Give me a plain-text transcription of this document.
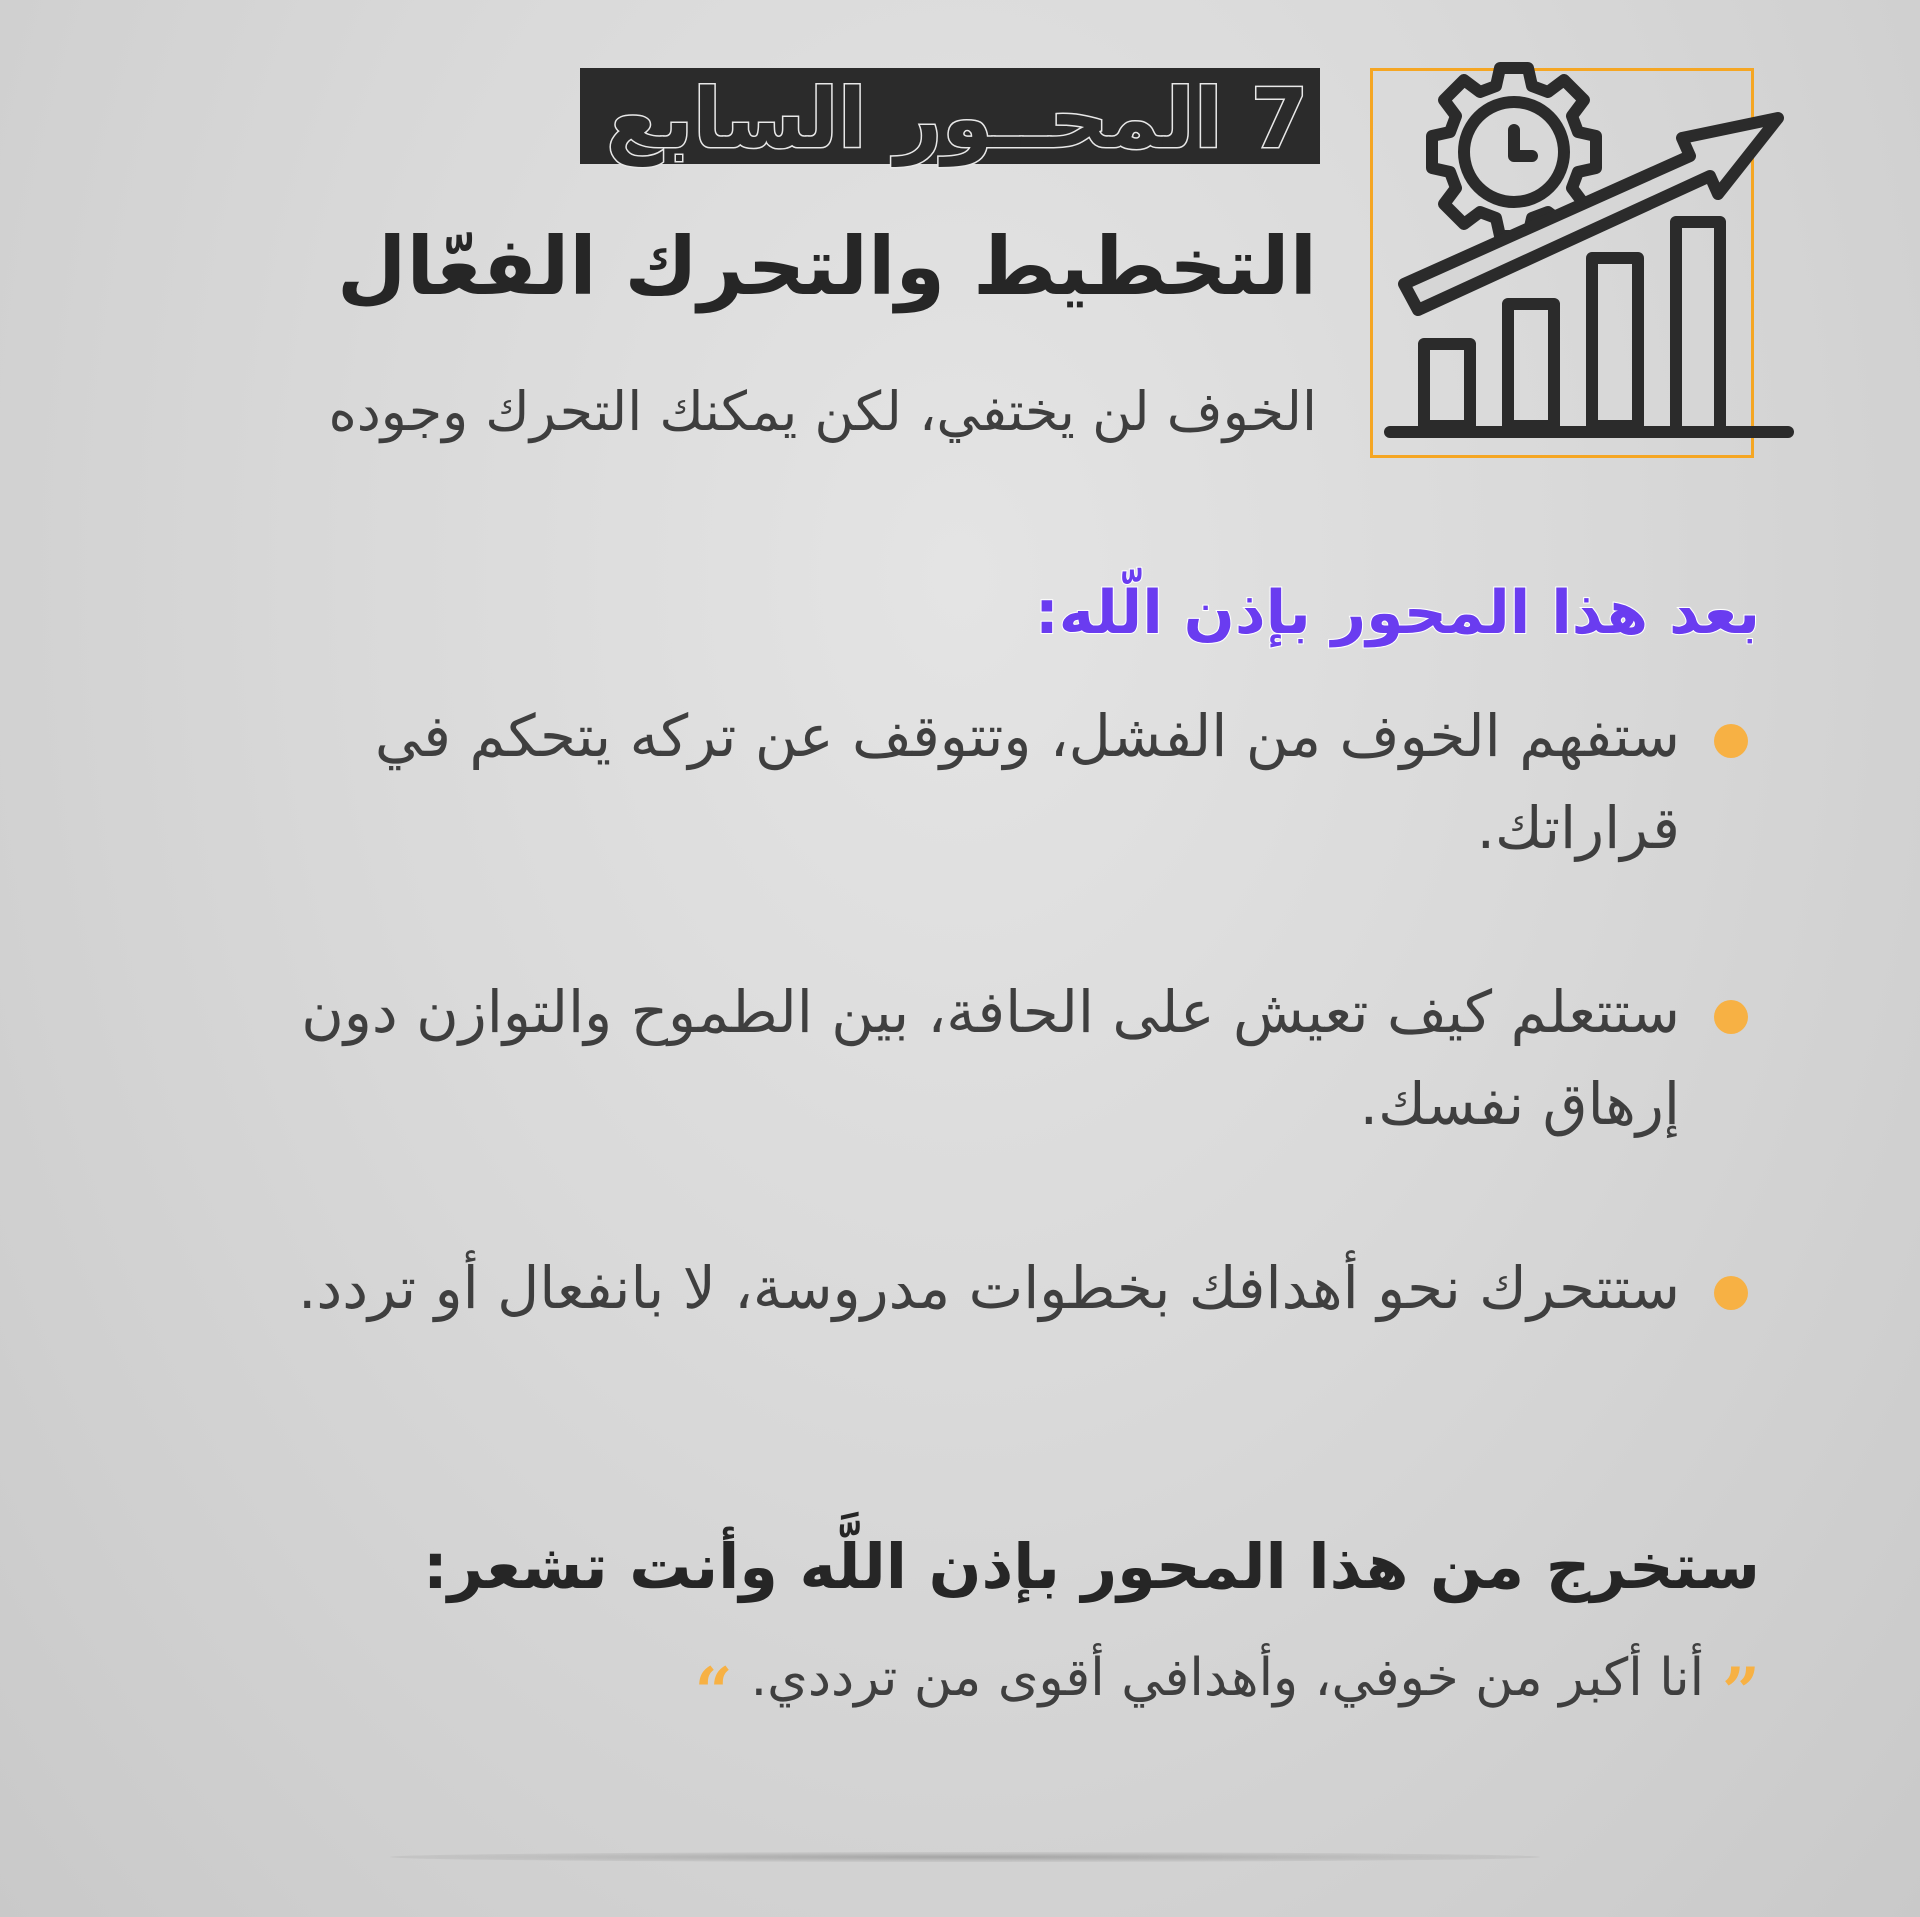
7 المحــور السابع
التخطيط والتحرك الفعّال

الخوف لن يختفي، لكن يمكنك التحرك وجوده

بعد هذا المحور بإذن الّله:
ستفهم الخوف من الفشل، وتتوقف عن تركه يتحكم في قراراتك.
ستتعلم كيف تعيش على الحافة، بين الطموح والتوازن دون إرهاق نفسك.
ستتحرك نحو أهدافك بخطوات مدروسة، لا بانفعال أو تردد.
ستخرج من هذا المحور بإذن اللَّه وأنت تشعر:
”
أنا أكبر من خوفي، وأهدافي أقوى من ترددي.
“
